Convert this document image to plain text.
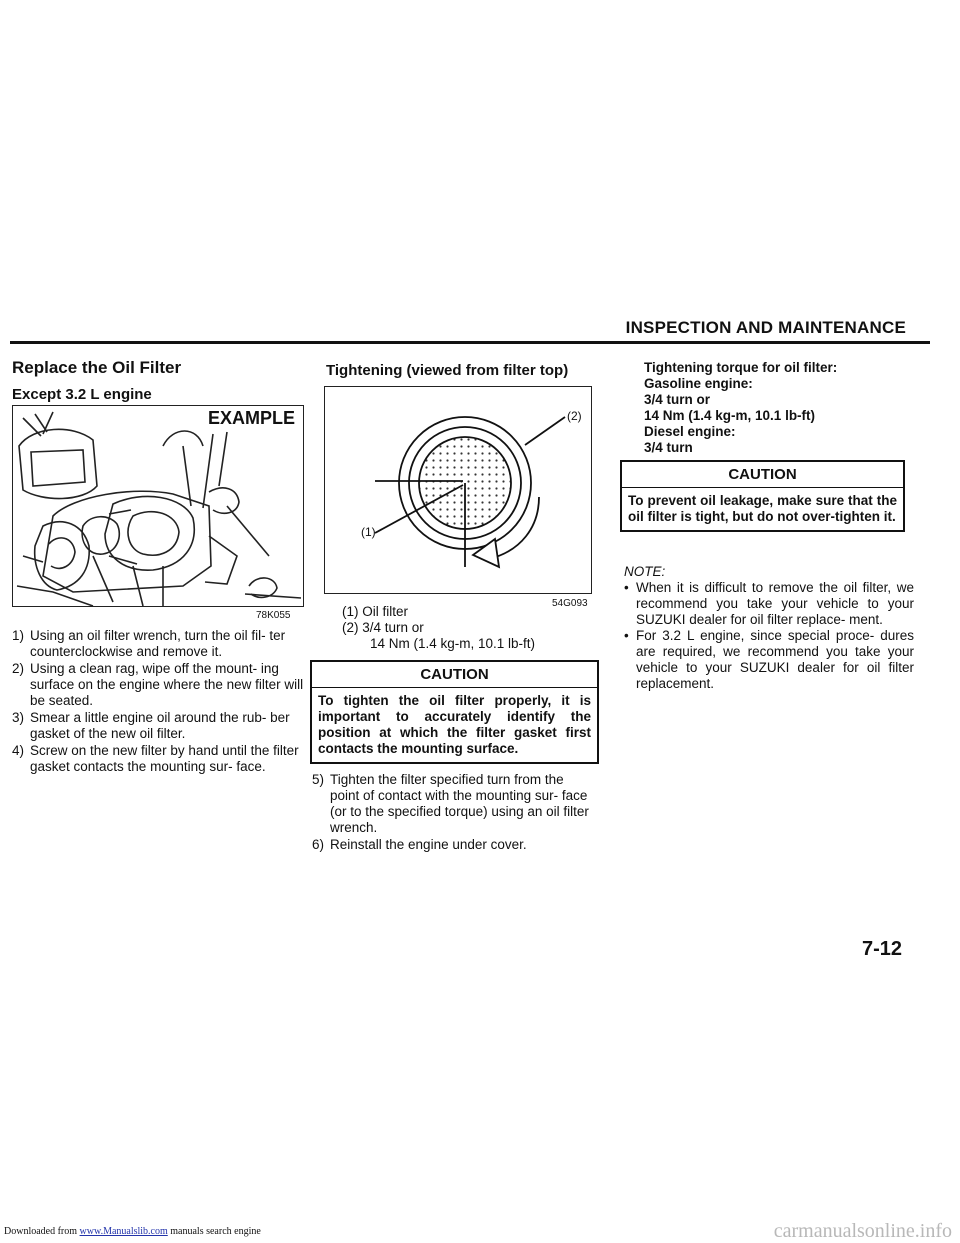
INSPECTION AND MAINTENANCE
Replace the Oil Filter
Except 3.2 L engine
EXAMPLE
78K055
1) Using an oil filter wrench, turn the oil fil- ter counterclockwise and remove it.
2) Using a clean rag, wipe off the mount- ing surface on the engine where the new filter will be seated.
3) Smear a little engine oil around the rub- ber gasket of the new oil filter.
4) Screw on the new filter by hand until the filter gasket contacts the mounting sur- face.
Tightening (viewed from filter top)
(1)
(2)
54G093
(1) Oil filter
(2) 3/4 turn or
14 Nm (1.4 kg-m, 10.1 lb-ft)
CAUTION
To tighten the oil filter properly, it is important to accurately identify the position at which the filter gasket first contacts the mounting surface.
5) Tighten the filter specified turn from the point of contact with the mounting sur- face (or to the specified torque) using an oil filter wrench.
6) Reinstall the engine under cover.
Tightening torque for oil filter:
Gasoline engine:
3/4 turn or
14 Nm (1.4 kg-m, 10.1 lb-ft)
Diesel engine:
3/4 turn
CAUTION
To prevent oil leakage, make sure that the oil filter is tight, but do not over-tighten it.
NOTE:
• When it is difficult to remove the oil filter, we recommend you take your vehicle to your SUZUKI dealer for oil filter replace- ment.
• For 3.2 L engine, since special proce- dures are required, we recommend you take your vehicle to your SUZUKI dealer for oil filter replacement.
7-12
Downloaded from www.Manualslib.com manuals search engine	carmanualsonline.info
